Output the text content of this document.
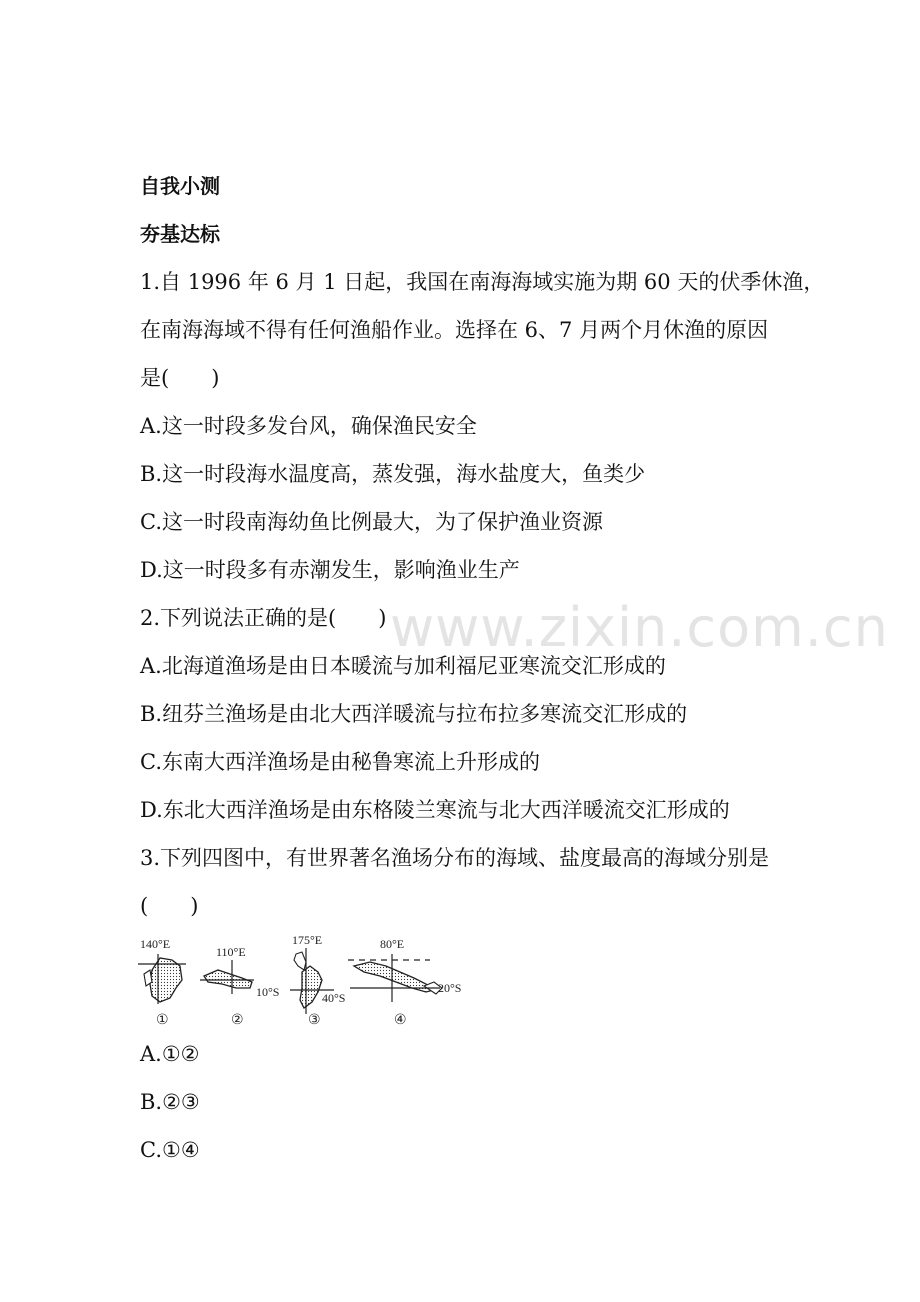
www.zixin.com.cn
自我小测
夯基达标
1.自 1996 年 6 月 1 日起，我国在南海海域实施为期 60 天的伏季休渔，
在南海海域不得有任何渔船作业。选择在 6、7 月两个月休渔的原因
是(　　)
A.这一时段多发台风，确保渔民安全
B.这一时段海水温度高，蒸发强，海水盐度大，鱼类少
C.这一时段南海幼鱼比例最大，为了保护渔业资源
D.这一时段多有赤潮发生，影响渔业生产
2.下列说法正确的是(　　)
A.北海道渔场是由日本暖流与加利福尼亚寒流交汇形成的
B.纽芬兰渔场是由北大西洋暖流与拉布拉多寒流交汇形成的
C.东南大西洋渔场是由秘鲁寒流上升形成的
D.东北大西洋渔场是由东格陵兰寒流与北大西洋暖流交汇形成的
3.下列四图中，有世界著名渔场分布的海域、盐度最高的海域分别是
(　　)
140°E
①
110°E
10°S
②
175°E
40°S
③
80°E
20°S
④
A.①②
B.②③
C.①④
